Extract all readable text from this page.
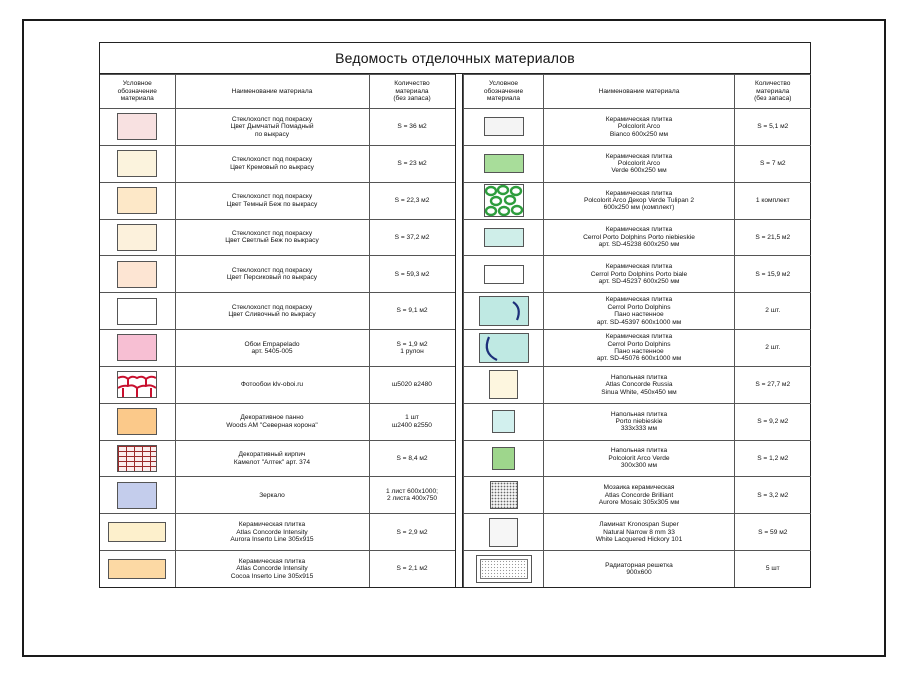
Ведомость отделочных материалов
Условное
обозначение
материала	Наименование материала	Количество
материала
(без запаса)
	Стеклохолст под покраску
Цвет Дымчатый Помадный
по выкрасу	S = 36 м2
	Стеклохолст под покраску
Цвет Кремовый по выкрасу	S = 23 м2
	Стеклохолст под покраску
Цвет Темный Беж по выкрасу	S = 22,3 м2
	Стеклохолст под покраску
Цвет Светлый Беж по выкрасу	S = 37,2 м2
	Стеклохолст под покраску
Цвет Персиковый по выкрасу	S = 59,3 м2
	Стеклохолст под покраску
Цвет Сливочный по выкрасу	S = 9,1 м2
	Обои Empapelado
арт. 5405-005	S = 1,9 м2
1 рулон

	Фотообои klv-oboi.ru	ш5020 в2480
	Декоративное панно
Woods AM "Северная корона"	1 шт
ш2400 в2550
	Декоративный кирпич
Камелот "Алтек" арт. 374	S = 8,4 м2
	Зеркало	1 лист 600х1000;
2 листа 400х750
	Керамическая плитка
Atlas Concorde Intensity
Aurora Inserto Line 305х915	S = 2,9 м2
	Керамическая плитка
Atlas Concorde Intensity
Cocoa Inserto Line 305х915	S = 2,1 м2
Условное
обозначение
материала	Наименование материала	Количество
материала
(без запаса)
	Керамическая плитка
Polcolorit Arco
Bianco 600х250 мм	S = 5,1 м2
	Керамическая плитка
Polcolorit Arco
Verde 600х250 мм	S = 7 м2

	Керамическая плитка
Polcolorit Arco Декор Verde Tulipan 2
600х250 мм (комплект)	1 комплект
	Керамическая плитка
Cerrol Porto Dolphins Porto niebieskie
арт. SD-45238 600х250 мм	S = 21,5 м2
	Керамическая плитка
Cerrol Porto Dolphins Porto biale
арт. SD-45237 600х250 мм	S = 15,9 м2

	Керамическая плитка
Cerrol Porto Dolphins
Пано настенное
арт. SD-45397 600х1000 мм	2 шт.

	Керамическая плитка
Cerrol Porto Dolphins
Пано настенное
арт. SD-45076 600х1000 мм	2 шт.
	Напольная плитка
Atlas Concorde Russia
Sinua White, 450х450 мм	S = 27,7 м2
	Напольная плитка
Porto niebieskie
333х333 мм	S = 9,2 м2
	Напольная плитка
Polcolorit Arco Verde
300х300 мм	S = 1,2 м2
	Мозаика керамическая
Atlas Concorde Brilliant
Aurore Mosaic 305х305 мм	S = 3,2 м2
	Ламинат Kronospan Super
Natural Narrow 8 mm 33
White Lacquered Hickory 101	S = 59 м2

	Радиаторная решетка
900х600	5 шт
